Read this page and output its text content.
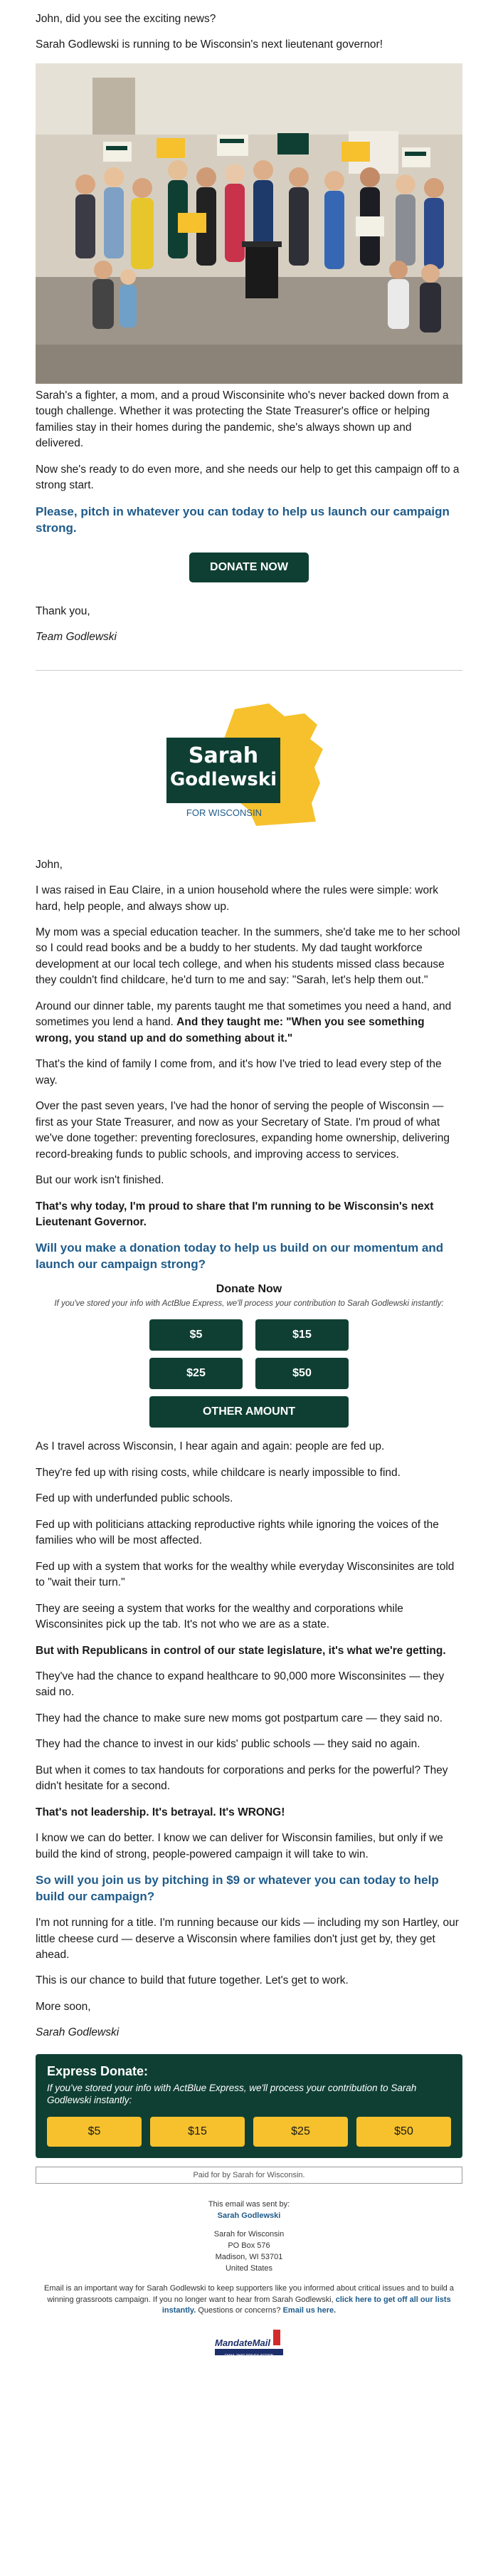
John, did you see the exciting news?

Sarah Godlewski is running to be Wisconsin's next lieutenant governor!

Sarah's a fighter, a mom, and a proud Wisconsinite who's never backed down from a tough challenge. Whether it was protecting the State Treasurer's office or helping families stay in their homes during the pandemic, she's always shown up and delivered.

Now she's ready to do even more, and she needs our help to get this campaign off to a strong start.

Please, pitch in whatever you can today to help us launch our campaign strong.

DONATE NOW

Thank you,

Team Godlewski

Sarah
Godlewski
FOR WISCONSIN

John,

I was raised in Eau Claire, in a union household where the rules were simple: work hard, help people, and always show up.

My mom was a special education teacher. In the summers, she'd take me to her school so I could read books and be a buddy to her students. My dad taught workforce development at our local tech college, and when his students missed class because they couldn't find childcare, he'd turn to me and say: "Sarah, let's help them out."

Around our dinner table, my parents taught me that sometimes you need a hand, and sometimes you lend a hand. And they taught me: "When you see something wrong, you stand up and do something about it."

That's the kind of family I come from, and it's how I've tried to lead every step of the way.

Over the past seven years, I've had the honor of serving the people of Wisconsin — first as your State Treasurer, and now as your Secretary of State. I'm proud of what we've done together: preventing foreclosures, expanding home ownership, delivering record-breaking funds to public schools, and improving access to services.

But our work isn't finished.

That's why today, I'm proud to share that I'm running to be Wisconsin's next Lieutenant Governor.

Will you make a donation today to help us build on our momentum and launch our campaign strong?

Donate Now
If you've stored your info with ActBlue Express, we'll process your contribution to Sarah Godlewski instantly:
$5	$15
$25	$50
OTHER AMOUNT

As I travel across Wisconsin, I hear again and again: people are fed up.

They're fed up with rising costs, while childcare is nearly impossible to find.

Fed up with underfunded public schools.

Fed up with politicians attacking reproductive rights while ignoring the voices of the families who will be most affected.

Fed up with a system that works for the wealthy while everyday Wisconsinites are told to "wait their turn."

They are seeing a system that works for the wealthy and corporations while Wisconsinites pick up the tab. It's not who we are as a state.

But with Republicans in control of our state legislature, it's what we're getting.

They've had the chance to expand healthcare to 90,000 more Wisconsinites — they said no.

They had the chance to make sure new moms got postpartum care — they said no.

They had the chance to invest in our kids' public schools — they said no again.

But when it comes to tax handouts for corporations and perks for the powerful? They didn't hesitate for a second.

That's not leadership. It's betrayal. It's WRONG!

I know we can do better. I know we can deliver for Wisconsin families, but only if we build the kind of strong, people-powered campaign it will take to win.

So will you join us by pitching in $9 or whatever you can today to help build our campaign?

I'm not running for a title. I'm running because our kids — including my son Hartley, our little cheese curd — deserve a Wisconsin where families don't just get by, they get ahead.

This is our chance to build that future together. Let's get to work.

More soon,

Sarah Godlewski

Express Donate:
If you've stored your info with ActBlue Express, we'll process your contribution to Sarah Godlewski instantly:
$5	$15	$25	$50
Paid for by Sarah for Wisconsin.
This email was sent by:
Sarah Godlewski
Sarah for Wisconsin
PO Box 576
Madison, WI 53701
United States
Email is an important way for Sarah Godlewski to keep supporters like you informed about critical issues and to build a winning grassroots campaign. If you no longer want to hear from Sarah Godlewski, click here to get off all our lists instantly. Questions or concerns? Email us here.
MandateMail
EMAIL THAT DRIVES ACTION
